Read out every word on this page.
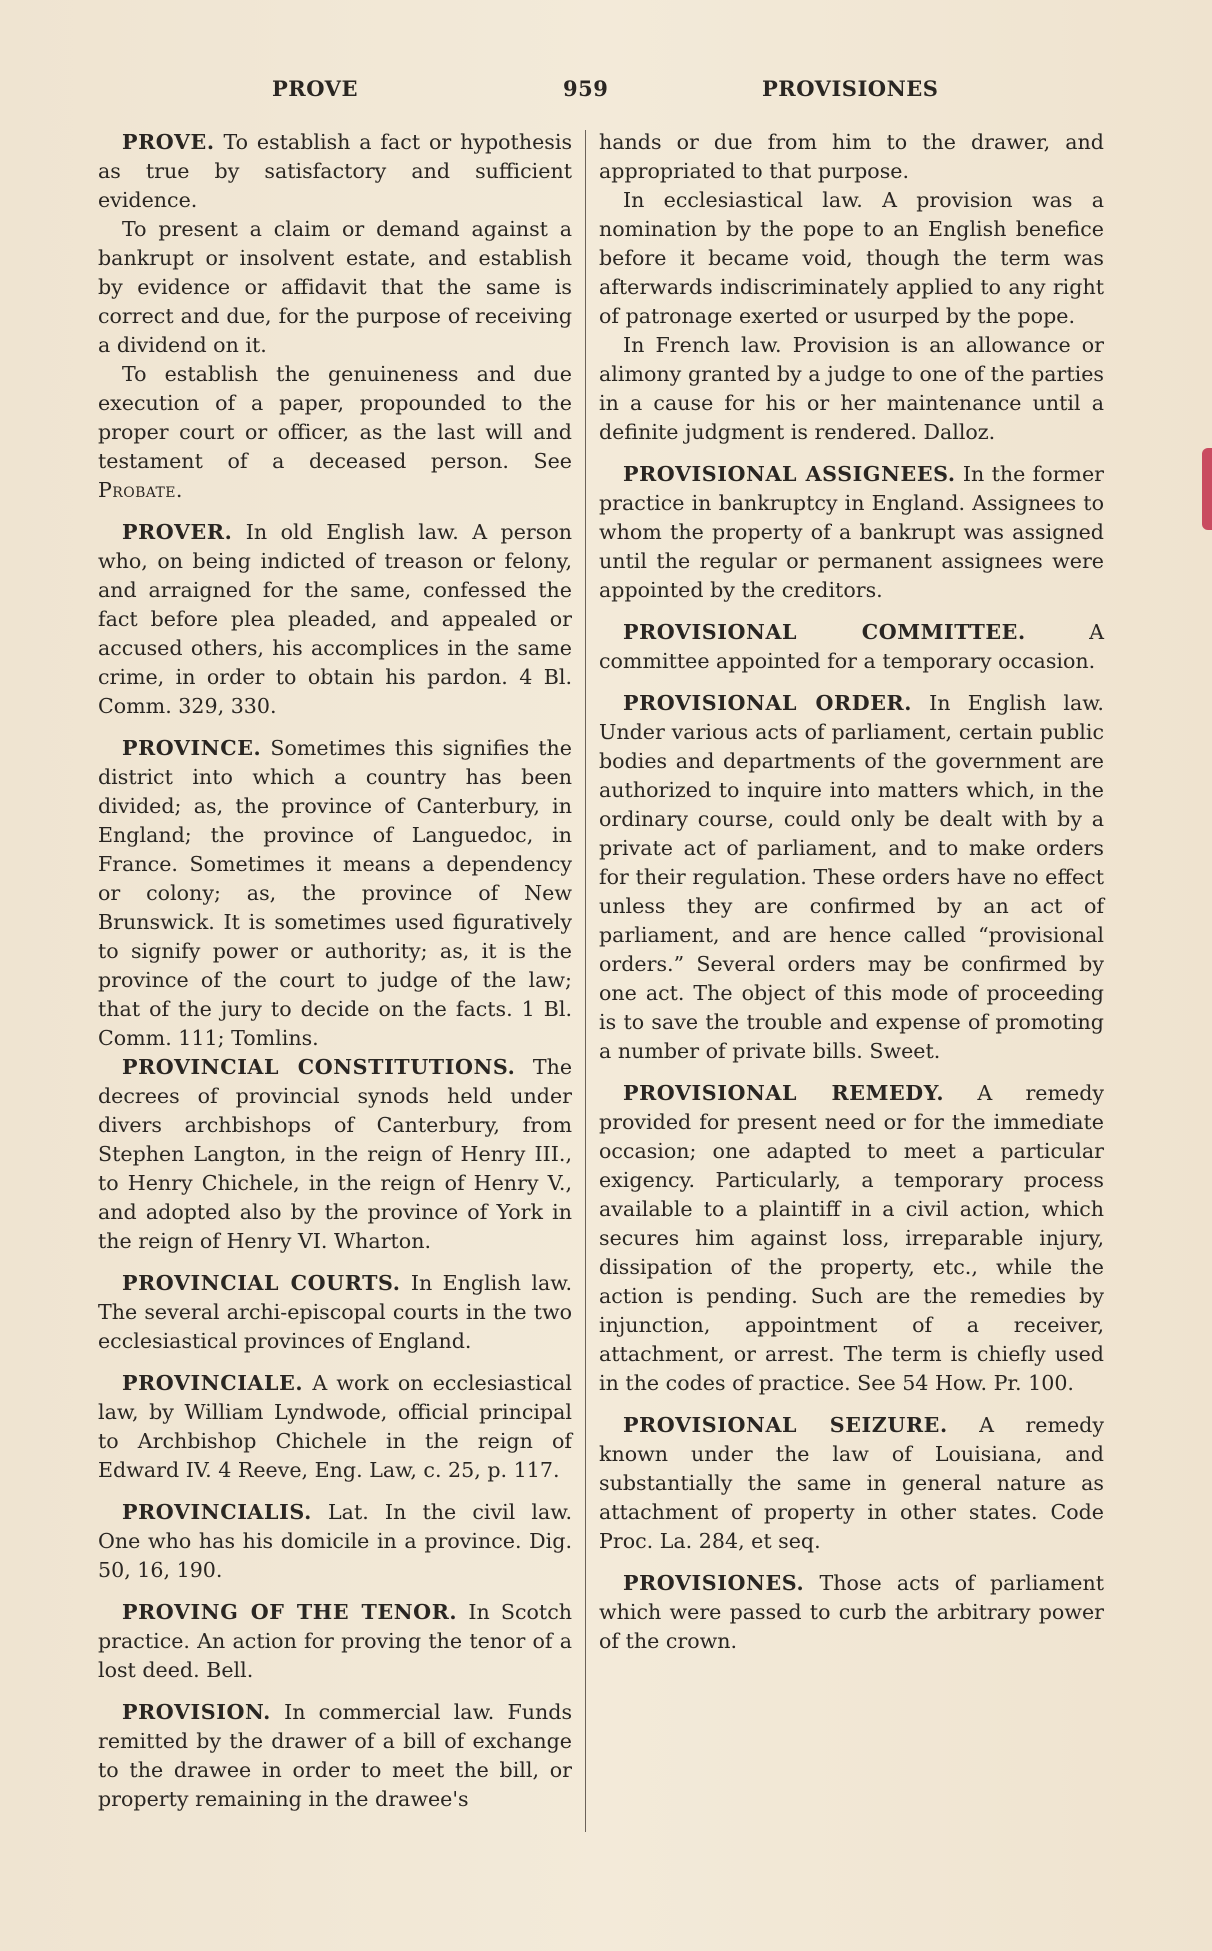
PROVE	959	PROVISIONES

PROVE. To establish a fact or hypothesis as true by satisfactory and sufficient evidence.

To present a claim or demand against a bankrupt or insolvent estate, and establish by evidence or affidavit that the same is correct and due, for the purpose of receiving a dividend on it.

To establish the genuineness and due execution of a paper, propounded to the proper court or officer, as the last will and testament of a deceased person. See Probate.

PROVER. In old English law. A person who, on being indicted of treason or felony, and arraigned for the same, confessed the fact before plea pleaded, and appealed or accused others, his accomplices in the same crime, in order to obtain his pardon. 4 Bl. Comm. 329, 330.

PROVINCE. Sometimes this signifies the district into which a country has been divided; as, the province of Canterbury, in England; the province of Languedoc, in France. Sometimes it means a dependency or colony; as, the province of New Brunswick. It is sometimes used figuratively to signify power or authority; as, it is the province of the court to judge of the law; that of the jury to decide on the facts. 1 Bl. Comm. 111; Tomlins.

PROVINCIAL CONSTITUTIONS. The decrees of provincial synods held under divers archbishops of Canterbury, from Stephen Langton, in the reign of Henry III., to Henry Chichele, in the reign of Henry V., and adopted also by the province of York in the reign of Henry VI. Wharton.

PROVINCIAL COURTS. In English law. The several archi-episcopal courts in the two ecclesiastical provinces of England.

PROVINCIALE. A work on ecclesiastical law, by William Lyndwode, official principal to Archbishop Chichele in the reign of Edward IV. 4 Reeve, Eng. Law, c. 25, p. 117.

PROVINCIALIS. Lat. In the civil law. One who has his domicile in a province. Dig. 50, 16, 190.

PROVING OF THE TENOR. In Scotch practice. An action for proving the tenor of a lost deed. Bell.

PROVISION. In commercial law. Funds remitted by the drawer of a bill of exchange to the drawee in order to meet the bill, or property remaining in the drawee's

hands or due from him to the drawer, and appropriated to that purpose.

In ecclesiastical law. A provision was a nomination by the pope to an English benefice before it became void, though the term was afterwards indiscriminately applied to any right of patronage exerted or usurped by the pope.

In French law. Provision is an allowance or alimony granted by a judge to one of the parties in a cause for his or her maintenance until a definite judgment is rendered. Dalloz.

PROVISIONAL ASSIGNEES. In the former practice in bankruptcy in England. Assignees to whom the property of a bankrupt was assigned until the regular or permanent assignees were appointed by the creditors.

PROVISIONAL COMMITTEE.	A committee appointed for a temporary occasion.

PROVISIONAL ORDER. In English law. Under various acts of parliament, certain public bodies and departments of the government are authorized to inquire into matters which, in the ordinary course, could only be dealt with by a private act of parliament, and to make orders for their regulation. These orders have no effect unless they are confirmed by an act of parliament, and are hence called “provisional orders.” Several orders may be confirmed by one act. The object of this mode of proceeding is to save the trouble and expense of promoting a number of private bills. Sweet.

PROVISIONAL REMEDY. A remedy provided for present need or for the immediate occasion; one adapted to meet a particular exigency. Particularly, a temporary process available to a plaintiff in a civil action, which secures him against loss, irreparable injury, dissipation of the property, etc., while the action is pending. Such are the remedies by injunction, appointment of a receiver, attachment, or arrest. The term is chiefly used in the codes of practice. See 54 How. Pr. 100.

PROVISIONAL SEIZURE. A remedy known under the law of Louisiana, and substantially the same in general nature as attachment of property in other states. Code Proc. La. 284, et seq.

PROVISIONES. Those acts of parliament which were passed to curb the arbitrary power of the crown.
